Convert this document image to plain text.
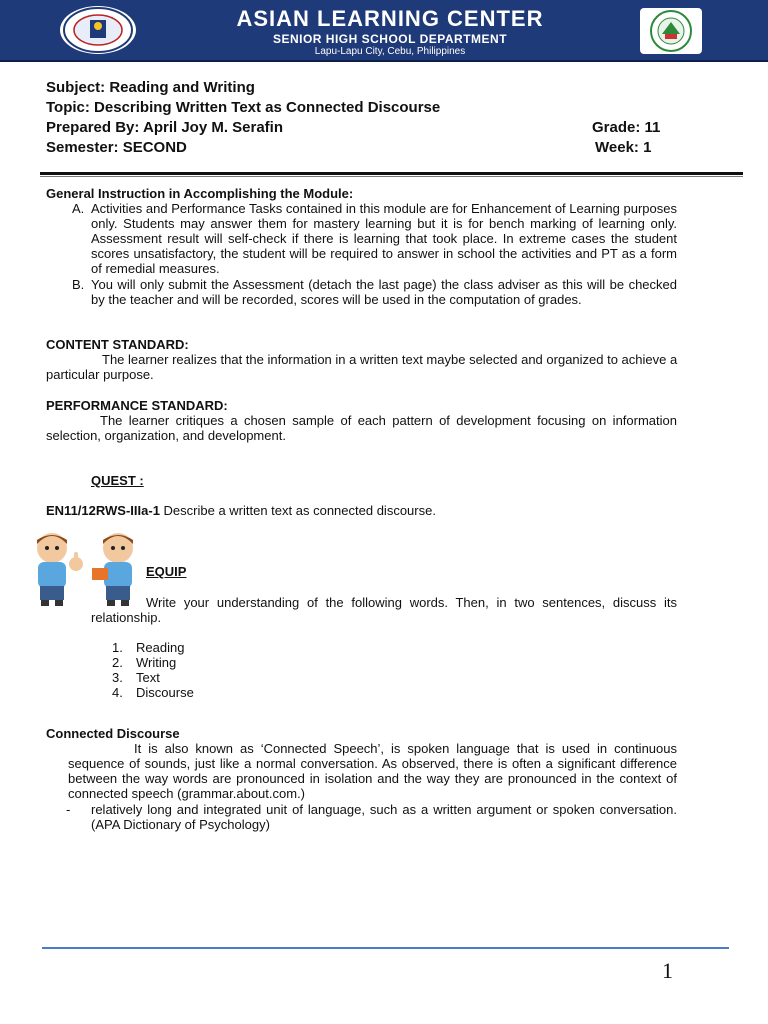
ASIAN LEARNING CENTER
SENIOR HIGH SCHOOL DEPARTMENT
Lapu-Lapu City, Cebu, Philippines
Subject: Reading and Writing
Topic: Describing Written Text as Connected Discourse
Prepared By: April Joy M. Serafin	Grade: 11
Semester: SECOND	Week: 1
General Instruction in Accomplishing the Module:
A. Activities and Performance Tasks contained in this module are for Enhancement of Learning purposes only. Students may answer them for mastery learning but it is for bench marking of learning only. Assessment result will self-check if there is learning that took place. In extreme cases the student scores unsatisfactory, the student will be required to answer in school the activities and PT as a form of remedial measures.
B. You will only submit the Assessment (detach the last page) the class adviser as this will be checked by the teacher and will be recorded, scores will be used in the computation of grades.
CONTENT STANDARD:
The learner realizes that the information in a written text maybe selected and organized to achieve a particular purpose.
PERFORMANCE STANDARD:
The learner critiques a chosen sample of each pattern of development focusing on information selection, organization, and development.
QUEST :
EN11/12RWS-IIIa-1 Describe a written text as connected discourse.
EQUIP
Write your understanding of the following words. Then, in two sentences, discuss its relationship.
1. Reading
2. Writing
3. Text
4. Discourse
Connected Discourse
It is also known as ‘Connected Speech’, is spoken language that is used in continuous sequence of sounds, just like a normal conversation. As observed, there is often a significant difference between the way words are pronounced in isolation and the way they are pronounced in the context of connected speech (grammar.about.com.)
- relatively long and integrated unit of language, such as a written argument or spoken conversation. (APA Dictionary of Psychology)
1
